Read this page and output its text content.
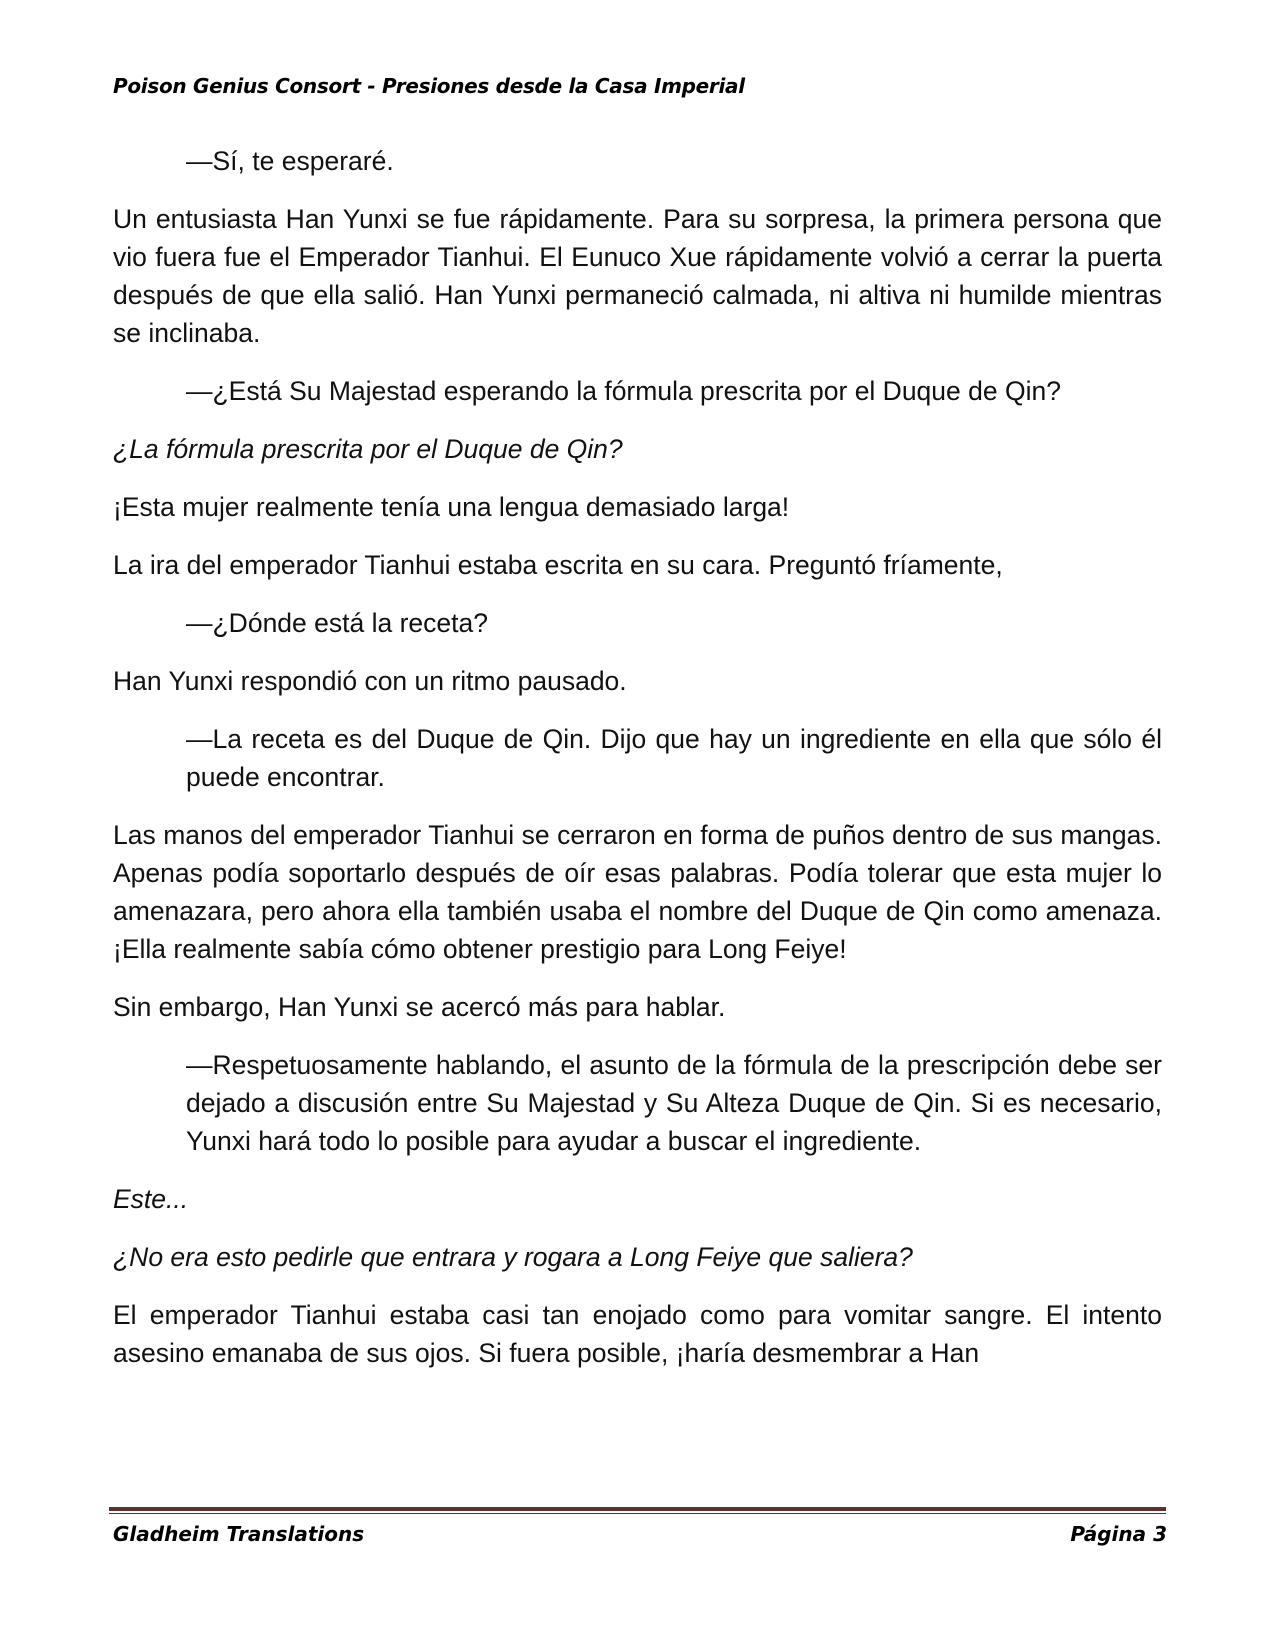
Poison Genius Consort - Presiones desde la Casa Imperial

—Sí, te esperaré.

Un entusiasta Han Yunxi se fue rápidamente. Para su sorpresa, la primera persona que vio fuera fue el Emperador Tianhui. El Eunuco Xue rápidamente volvió a cerrar la puerta después de que ella salió. Han Yunxi permaneció calmada, ni altiva ni humilde mientras se inclinaba.

—¿Está Su Majestad esperando la fórmula prescrita por el Duque de Qin?

¿La fórmula prescrita por el Duque de Qin?

¡Esta mujer realmente tenía una lengua demasiado larga!

La ira del emperador Tianhui estaba escrita en su cara. Preguntó fríamente,

—¿Dónde está la receta?

Han Yunxi respondió con un ritmo pausado.

—La receta es del Duque de Qin. Dijo que hay un ingrediente en ella que sólo él puede encontrar.

Las manos del emperador Tianhui se cerraron en forma de puños dentro de sus mangas. Apenas podía soportarlo después de oír esas palabras. Podía tolerar que esta mujer lo amenazara, pero ahora ella también usaba el nombre del Duque de Qin como amenaza. ¡Ella realmente sabía cómo obtener prestigio para Long Feiye!

Sin embargo, Han Yunxi se acercó más para hablar.

—Respetuosamente hablando, el asunto de la fórmula de la prescripción debe ser dejado a discusión entre Su Majestad y Su Alteza Duque de Qin. Si es necesario, Yunxi hará todo lo posible para ayudar a buscar el ingrediente.

Este...

¿No era esto pedirle que entrara y rogara a Long Feiye que saliera?

El emperador Tianhui estaba casi tan enojado como para vomitar sangre. El intento asesino emanaba de sus ojos. Si fuera posible, ¡haría desmembrar a Han

Gladheim Translations	Página 3
